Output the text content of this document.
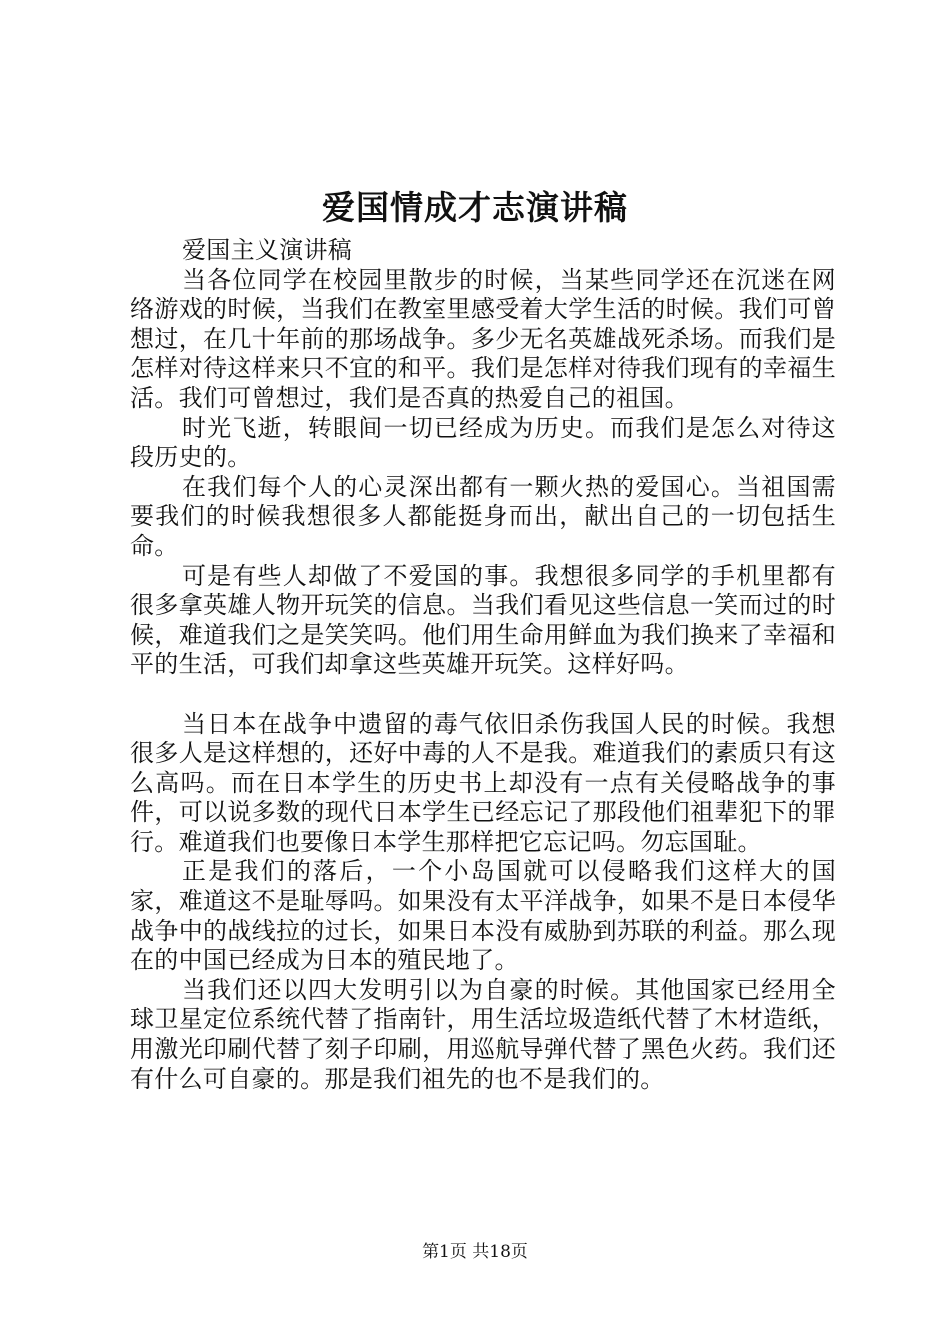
爱国情成才志演讲稿

爱国主义演讲稿

当各位同学在校园里散步的时候，当某些同学还在沉迷在网络游戏的时候，当我们在教室里感受着大学生活的时候。我们可曾想过，在几十年前的那场战争。多少无名英雄战死杀场。而我们是怎样对待这样来只不宜的和平。我们是怎样对待我们现有的幸福生活。我们可曾想过，我们是否真的热爱自己的祖国。

时光飞逝，转眼间一切已经成为历史。而我们是怎么对待这段历史的。

在我们每个人的心灵深出都有一颗火热的爱国心。当祖国需要我们的时候我想很多人都能挺身而出，献出自己的一切包括生命。

可是有些人却做了不爱国的事。我想很多同学的手机里都有很多拿英雄人物开玩笑的信息。当我们看见这些信息一笑而过的时候，难道我们之是笑笑吗。他们用生命用鲜血为我们换来了幸福和平的生活，可我们却拿这些英雄开玩笑。这样好吗。

当日本在战争中遗留的毒气依旧杀伤我国人民的时候。我想很多人是这样想的，还好中毒的人不是我。难道我们的素质只有这么高吗。而在日本学生的历史书上却没有一点有关侵略战争的事件，可以说多数的现代日本学生已经忘记了那段他们祖辈犯下的罪行。难道我们也要像日本学生那样把它忘记吗。勿忘国耻。

正是我们的落后，一个小岛国就可以侵略我们这样大的国家，难道这不是耻辱吗。如果没有太平洋战争，如果不是日本侵华战争中的战线拉的过长，如果日本没有威胁到苏联的利益。那么现在的中国已经成为日本的殖民地了。

当我们还以四大发明引以为自豪的时候。其他国家已经用全球卫星定位系统代替了指南针，用生活垃圾造纸代替了木材造纸，用激光印刷代替了刻子印刷，用巡航导弹代替了黑色火药。我们还有什么可自豪的。那是我们祖先的也不是我们的。

第1页 共18页
